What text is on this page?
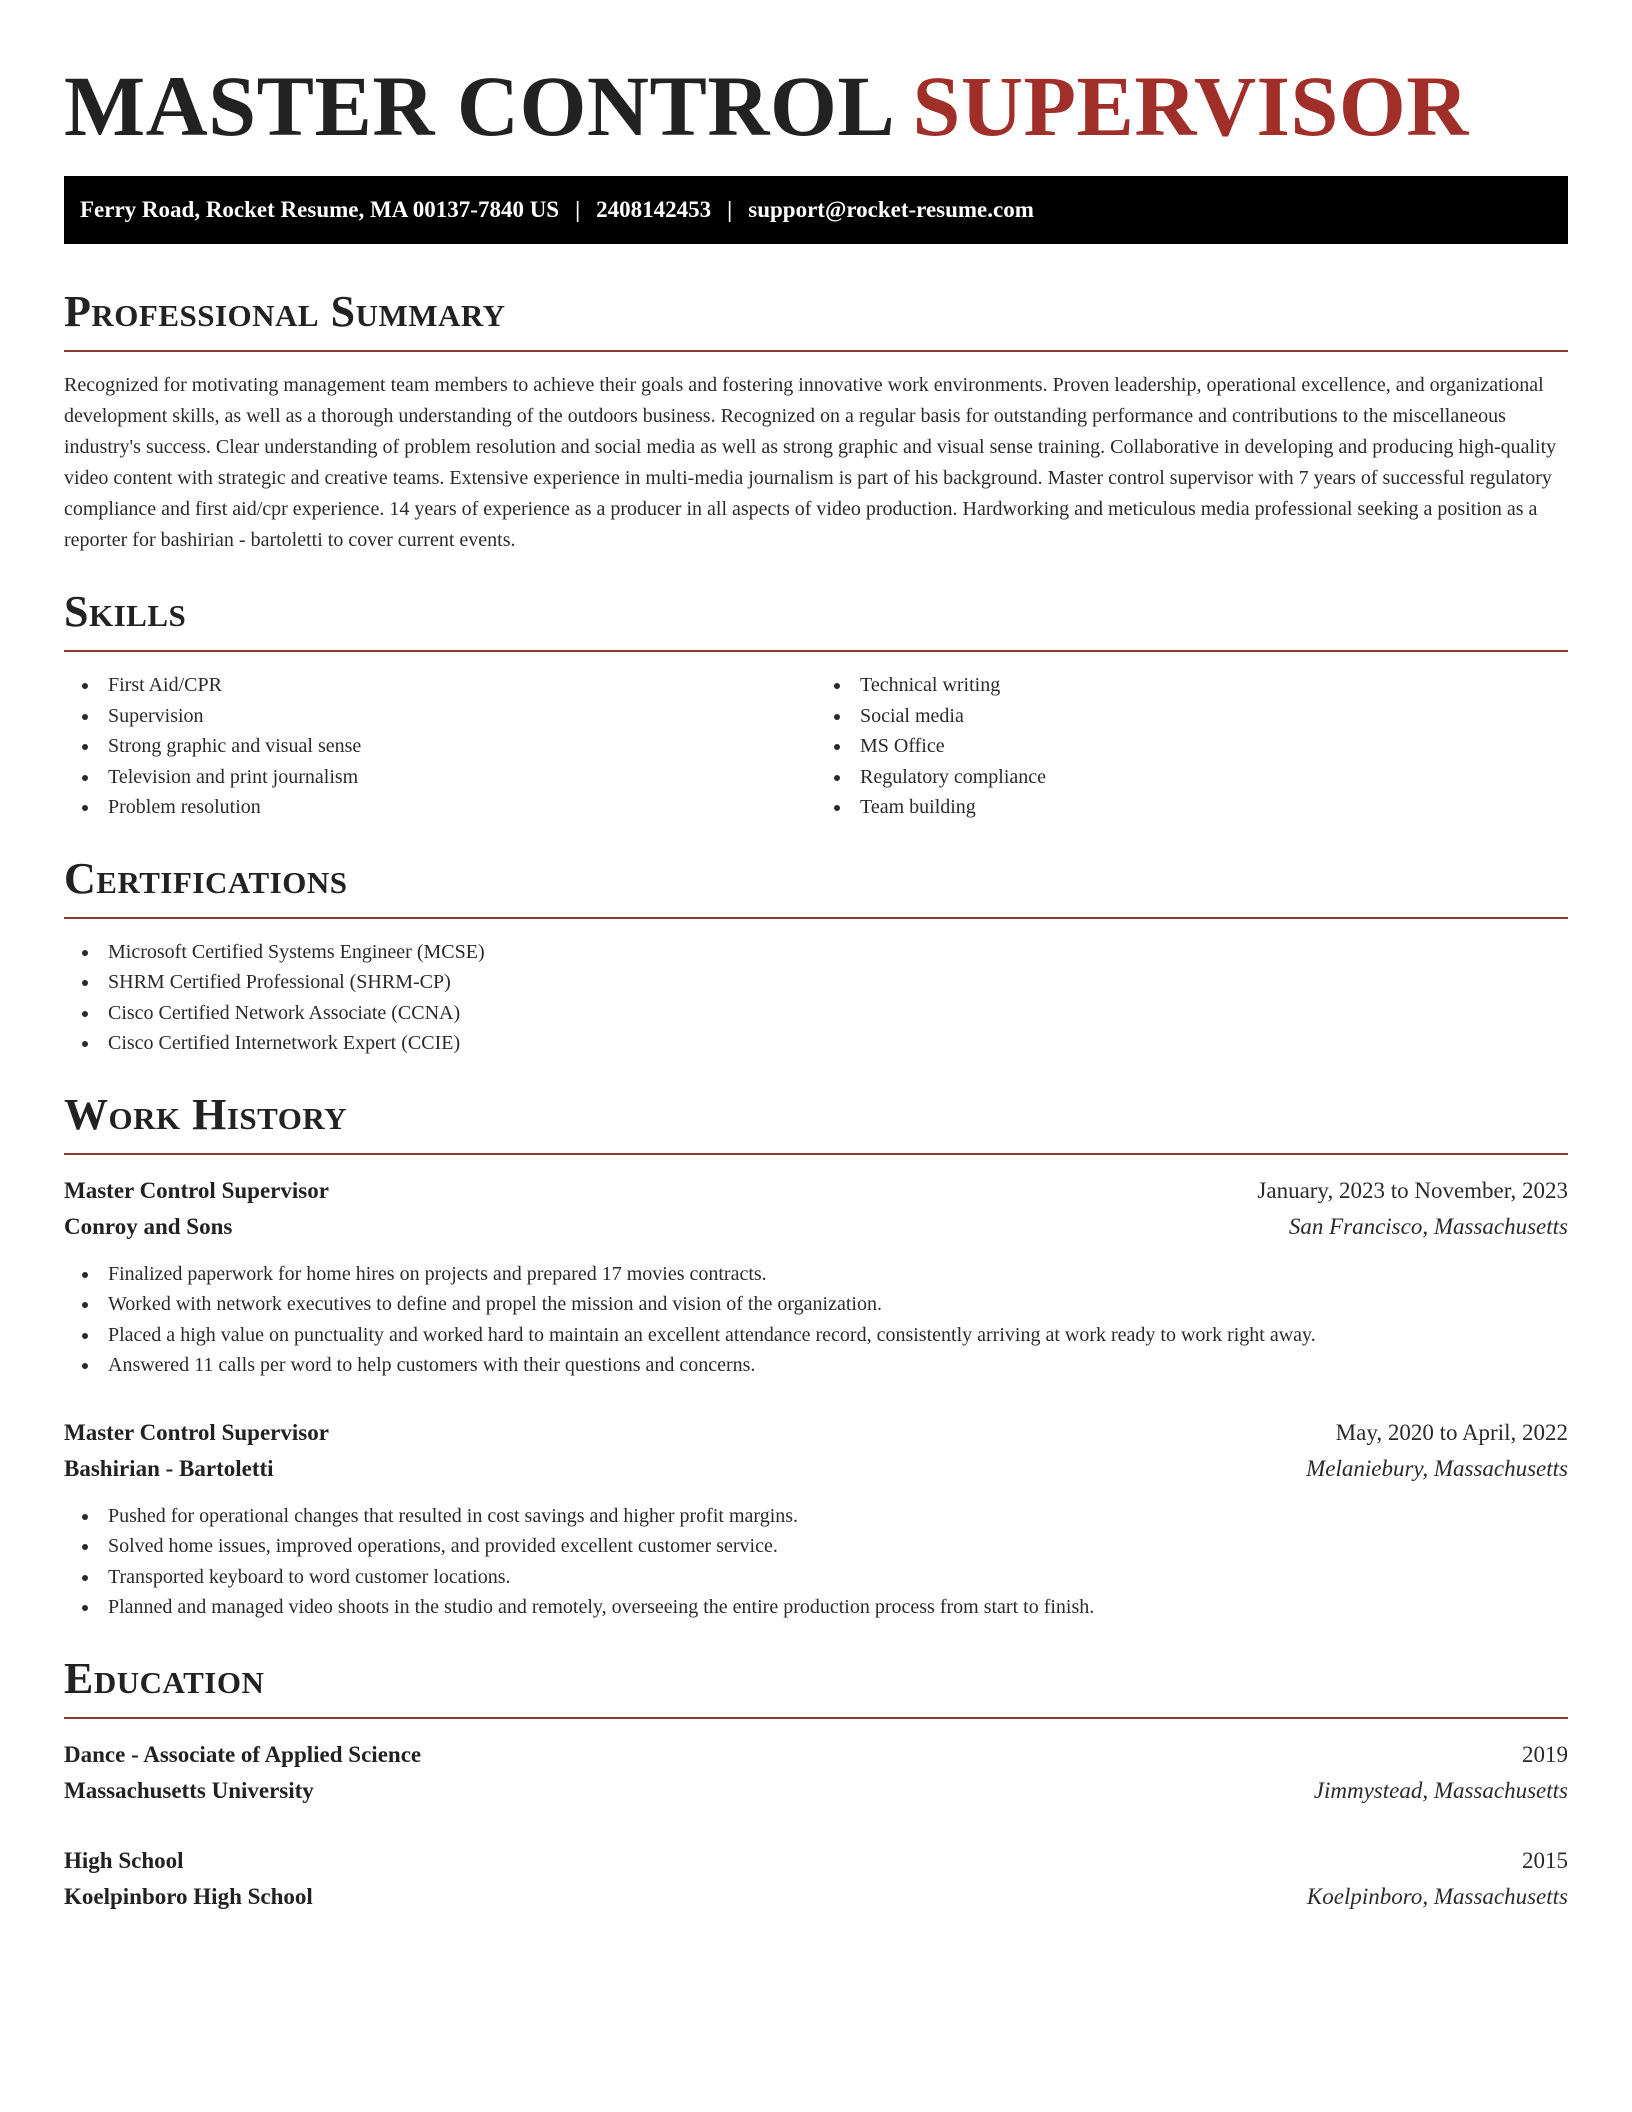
MASTER CONTROL SUPERVISOR
Ferry Road, Rocket Resume, MA 00137-7840 US | 2408142453 | support@rocket-resume.com
Professional Summary

Recognized for motivating management team members to achieve their goals and fostering innovative work environments. Proven leadership, operational excellence, and organizational development skills, as well as a thorough understanding of the outdoors business. Recognized on a regular basis for outstanding performance and contributions to the miscellaneous industry's success. Clear understanding of problem resolution and social media as well as strong graphic and visual sense training. Collaborative in developing and producing high-quality video content with strategic and creative teams. Extensive experience in multi-media journalism is part of his background. Master control supervisor with 7 years of successful regulatory compliance and first aid/cpr experience. 14 years of experience as a producer in all aspects of video production. Hardworking and meticulous media professional seeking a position as a reporter for bashirian - bartoletti to cover current events.

Skills
First Aid/CPR
Supervision
Strong graphic and visual sense
Television and print journalism
Problem resolution
Technical writing
Social media
MS Office
Regulatory compliance
Team building
Certifications
Microsoft Certified Systems Engineer (MCSE)
SHRM Certified Professional (SHRM-CP)
Cisco Certified Network Associate (CCNA)
Cisco Certified Internetwork Expert (CCIE)
Work History
Master Control Supervisor	January, 2023 to November, 2023
Conroy and Sons	San Francisco, Massachusetts
Finalized paperwork for home hires on projects and prepared 17 movies contracts.
Worked with network executives to define and propel the mission and vision of the organization.
Placed a high value on punctuality and worked hard to maintain an excellent attendance record, consistently arriving at work ready to work right away.
Answered 11 calls per word to help customers with their questions and concerns.
Master Control Supervisor	May, 2020 to April, 2022
Bashirian - Bartoletti	Melaniebury, Massachusetts
Pushed for operational changes that resulted in cost savings and higher profit margins.
Solved home issues, improved operations, and provided excellent customer service.
Transported keyboard to word customer locations.
Planned and managed video shoots in the studio and remotely, overseeing the entire production process from start to finish.
Education
Dance - Associate of Applied Science	2019
Massachusetts University	Jimmystead, Massachusetts
High School	2015
Koelpinboro High School	Koelpinboro, Massachusetts
